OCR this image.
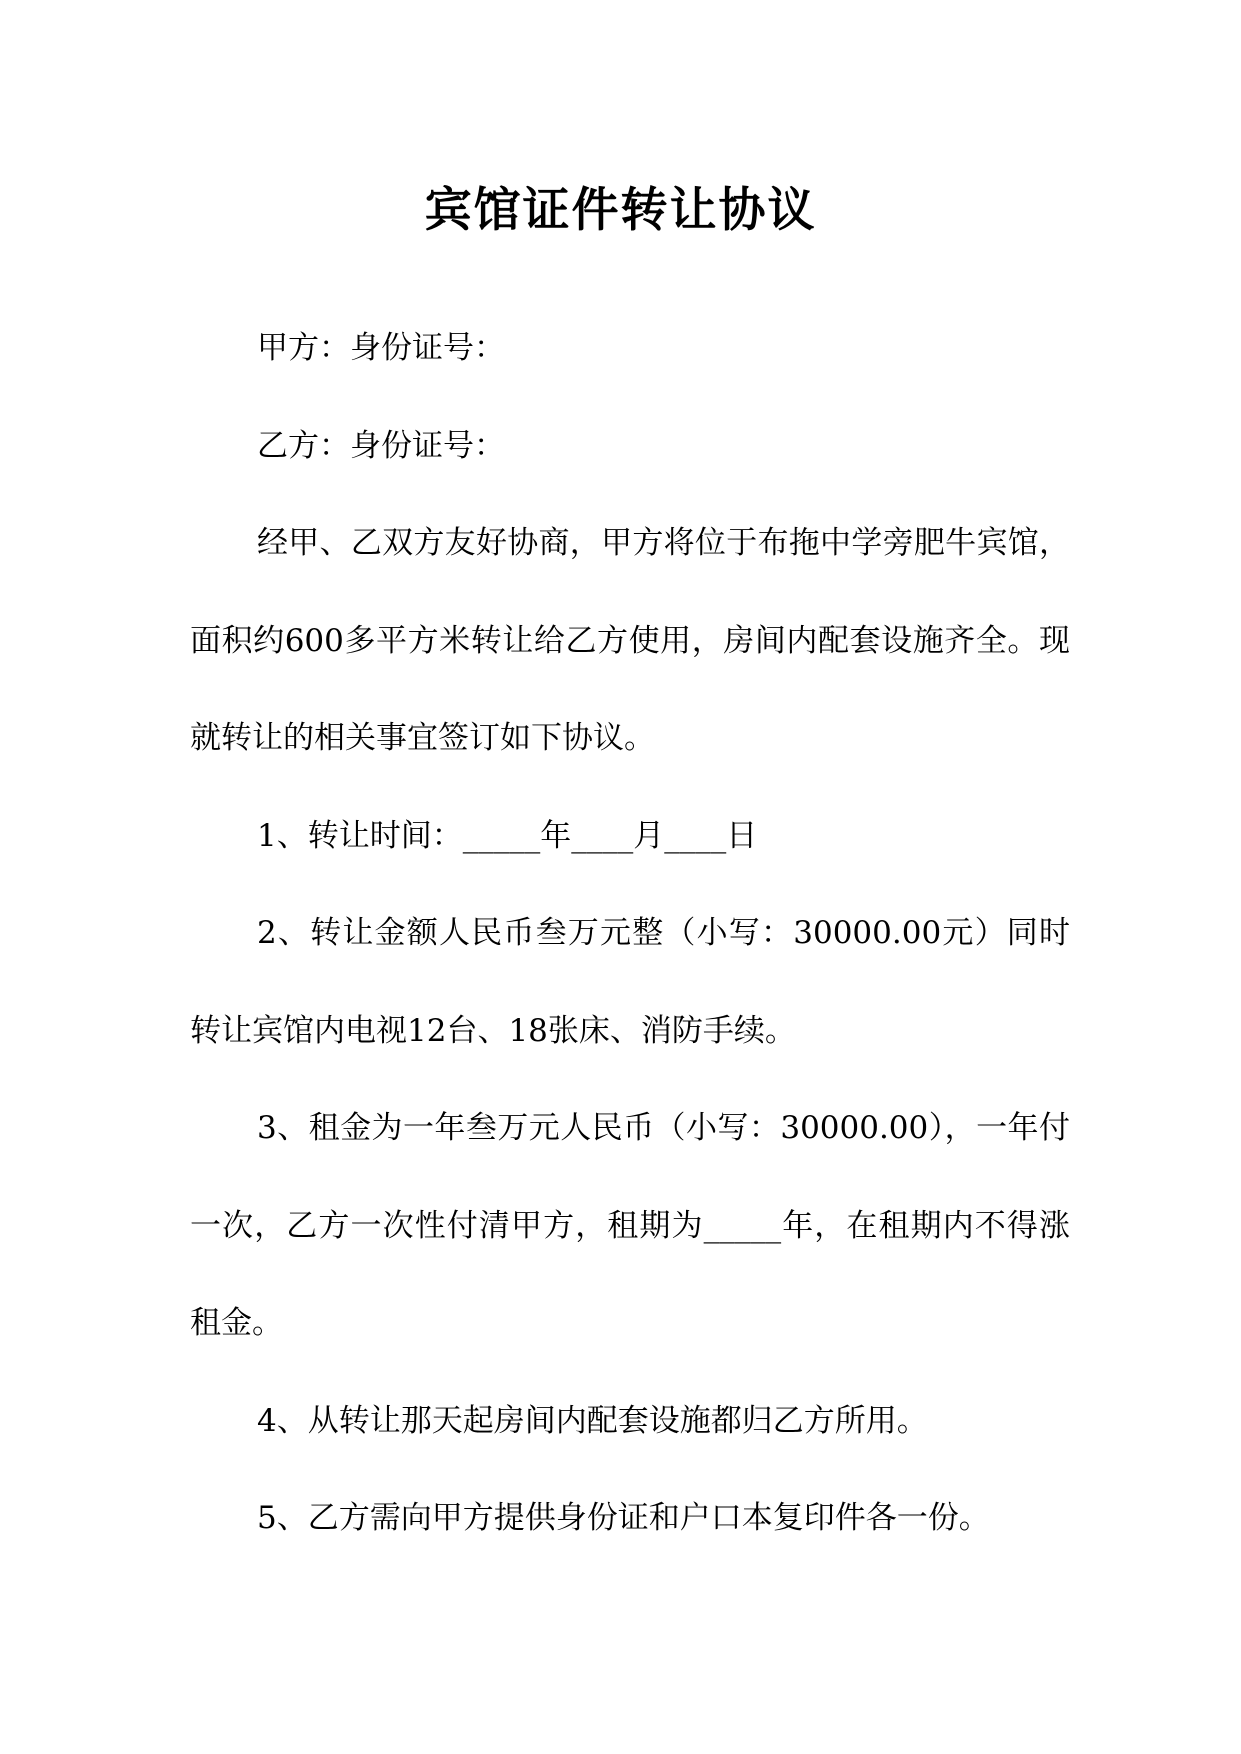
宾馆证件转让协议

甲方：身份证号：

乙方：身份证号：

经甲、乙双方友好协商，甲方将位于布拖中学旁肥牛宾馆，面积约600多平方米转让给乙方使用，房间内配套设施齐全。现就转让的相关事宜签订如下协议。

1、转让时间：_____年____月____日

2、转让金额人民币叁万元整（小写：30000.00元）同时转让宾馆内电视12台、18张床、消防手续。

3、租金为一年叁万元人民币（小写：30000.00），一年付一次，乙方一次性付清甲方，租期为_____年，在租期内不得涨租金。

4、从转让那天起房间内配套设施都归乙方所用。

5、乙方需向甲方提供身份证和户口本复印件各一份。
